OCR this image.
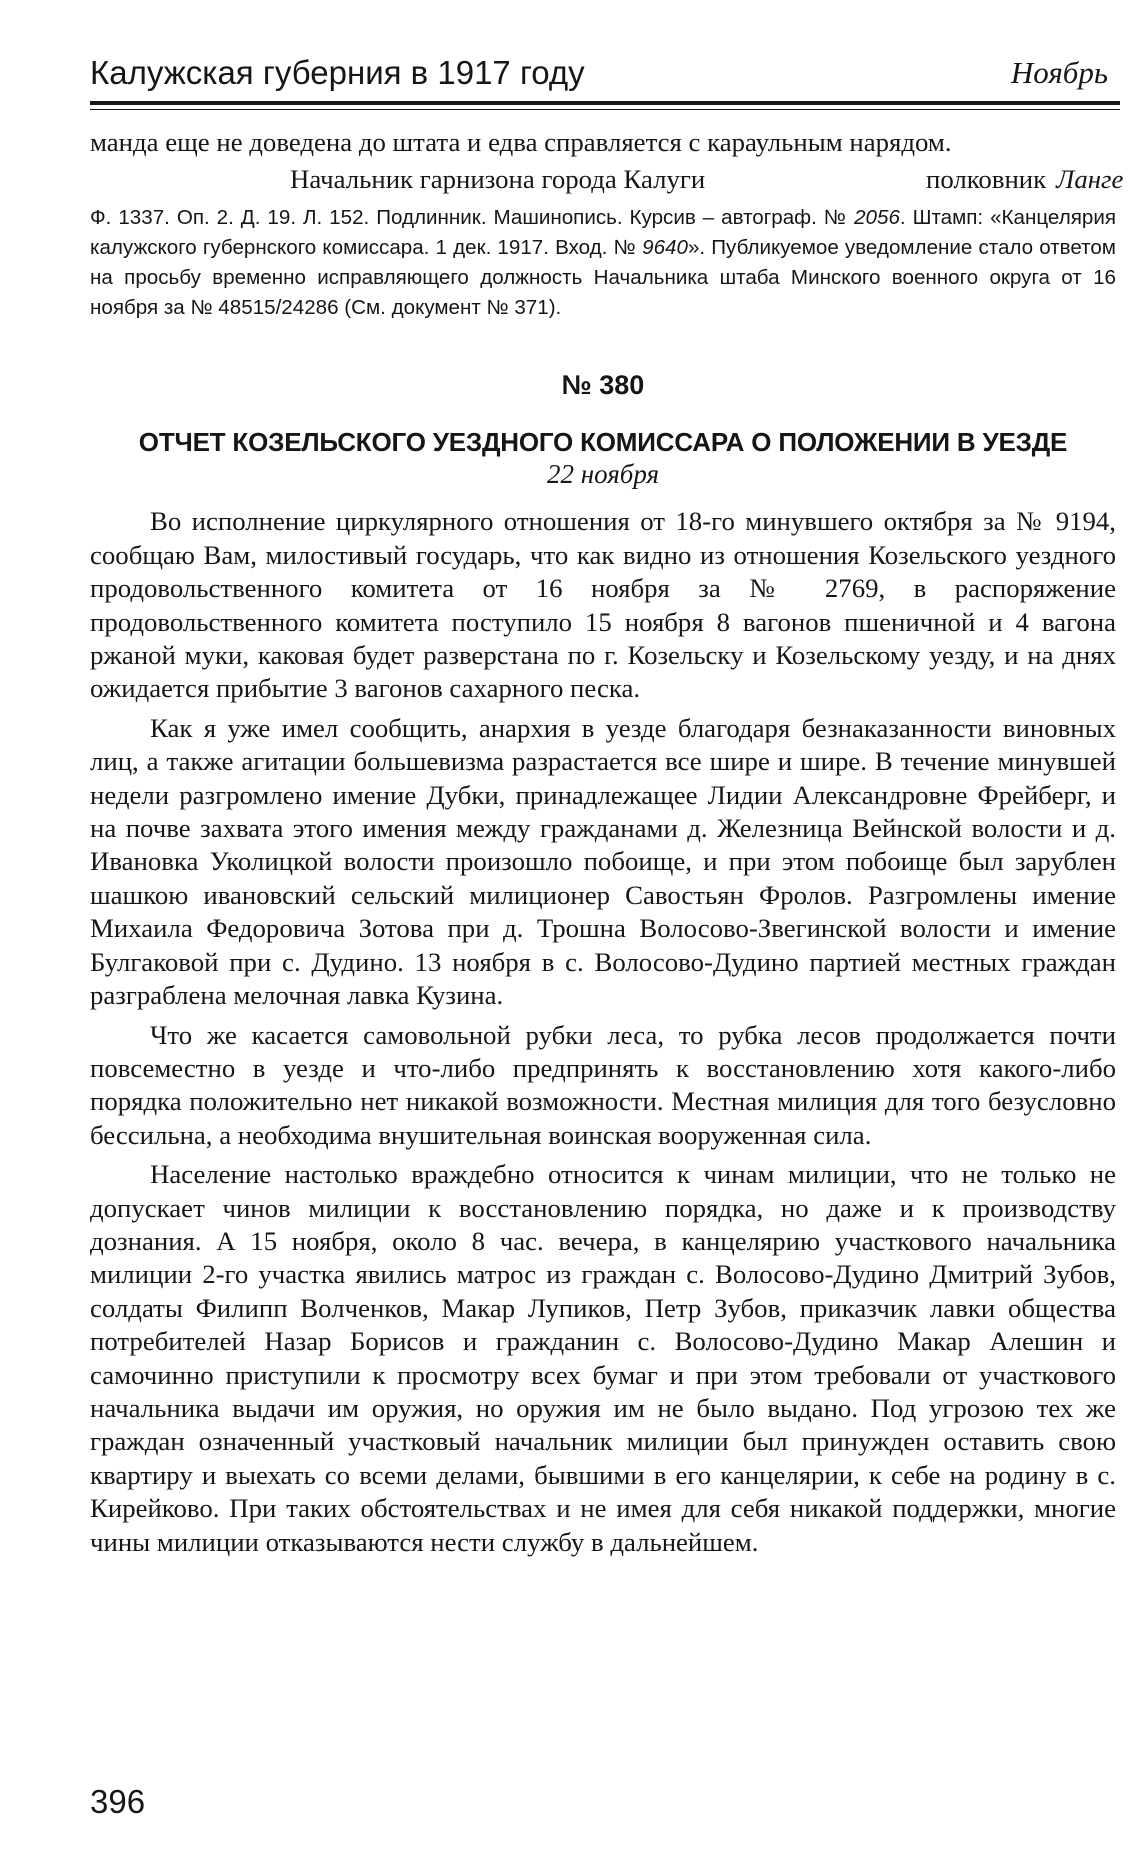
Калужская губерния в 1917 году	Ноябрь

манда еще не доведена до штата и едва справляется с караульным нарядом.

Начальник гарнизона города Калуги	полковник Ланге

Ф. 1337. Оп. 2. Д. 19. Л. 152. Подлинник. Машинопись. Курсив – автограф. № 2056. Штамп: «Канцелярия калужского губернского комиссара. 1 дек. 1917. Вход. № 9640». Публикуемое уведомление стало ответом на просьбу временно исправляющего должность Начальника штаба Минского военного округа от 16 ноября за № 48515/24286 (См. документ № 371).

№ 380
ОТЧЕТ КОЗЕЛЬСКОГО УЕЗДНОГО КОМИССАРА О ПОЛОЖЕНИИ В УЕЗДЕ
22 ноября

Во исполнение циркулярного отношения от 18-го минувшего октября за № 9194, сообщаю Вам, милостивый государь, что как видно из отношения Козельского уездного продовольственного комитета от 16 ноября за № 2769, в распоряжение продовольственного комитета поступило 15 ноября 8 вагонов пшеничной и 4 вагона ржаной муки, каковая будет разверстана по г. Козельску и Козельскому уезду, и на днях ожидается прибытие 3 вагонов сахарного песка.

Как я уже имел сообщить, анархия в уезде благодаря безнаказанности виновных лиц, а также агитации большевизма разрастается все шире и шире. В течение минувшей недели разгромлено имение Дубки, принадлежащее Лидии Александровне Фрейберг, и на почве захвата этого имения между гражданами д. Железница Вейнской волости и д. Ивановка Уколицкой волости произошло побоище, и при этом побоище был зарублен шашкою ивановский сельский милиционер Савостьян Фролов. Разгромлены имение Михаила Федоровича Зотова при д. Трошна Волосово-Звегинской волости и имение Булгаковой при с. Дудино. 13 ноября в с. Волосово-Дудино партией местных граждан разграблена мелочная лавка Кузина.

Что же касается самовольной рубки леса, то рубка лесов продолжается почти повсеместно в уезде и что-либо предпринять к восстановлению хотя какого-либо порядка положительно нет никакой возможности. Местная милиция для того безусловно бессильна, а необходима внушительная воинская вооруженная сила.

Население настолько враждебно относится к чинам милиции, что не только не допускает чинов милиции к восстановлению порядка, но даже и к производству дознания. А 15 ноября, около 8 час. вечера, в канцелярию участкового начальника милиции 2-го участка явились матрос из граждан с. Волосово-Дудино Дмитрий Зубов, солдаты Филипп Волченков, Макар Лупиков, Петр Зубов, приказчик лавки общества потребителей Назар Борисов и гражданин с. Волосово-Дудино Макар Алешин и самочинно приступили к просмотру всех бумаг и при этом требовали от участкового начальника выдачи им оружия, но оружия им не было выдано. Под угрозою тех же граждан означенный участковый начальник милиции был принужден оставить свою квартиру и выехать со всеми делами, бывшими в его канцелярии, к себе на родину в с. Кирейково. При таких обстоятельствах и не имея для себя никакой поддержки, многие чины милиции отказываются нести службу в дальнейшем.

396
